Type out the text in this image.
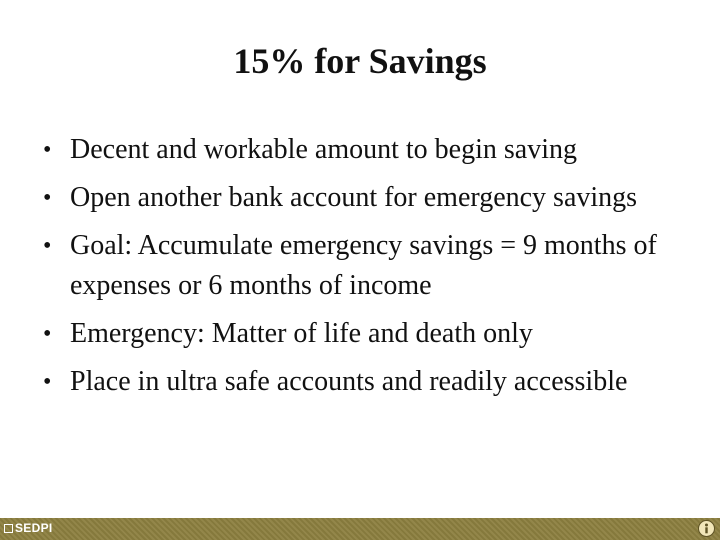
15% for Savings
• Decent and workable amount to begin saving
• Open another bank account for emergency savings
• Goal: Accumulate emergency savings = 9 months of expenses or 6 months of income
• Emergency: Matter of life and death only
• Place in ultra safe accounts and readily accessible
SEDPI
